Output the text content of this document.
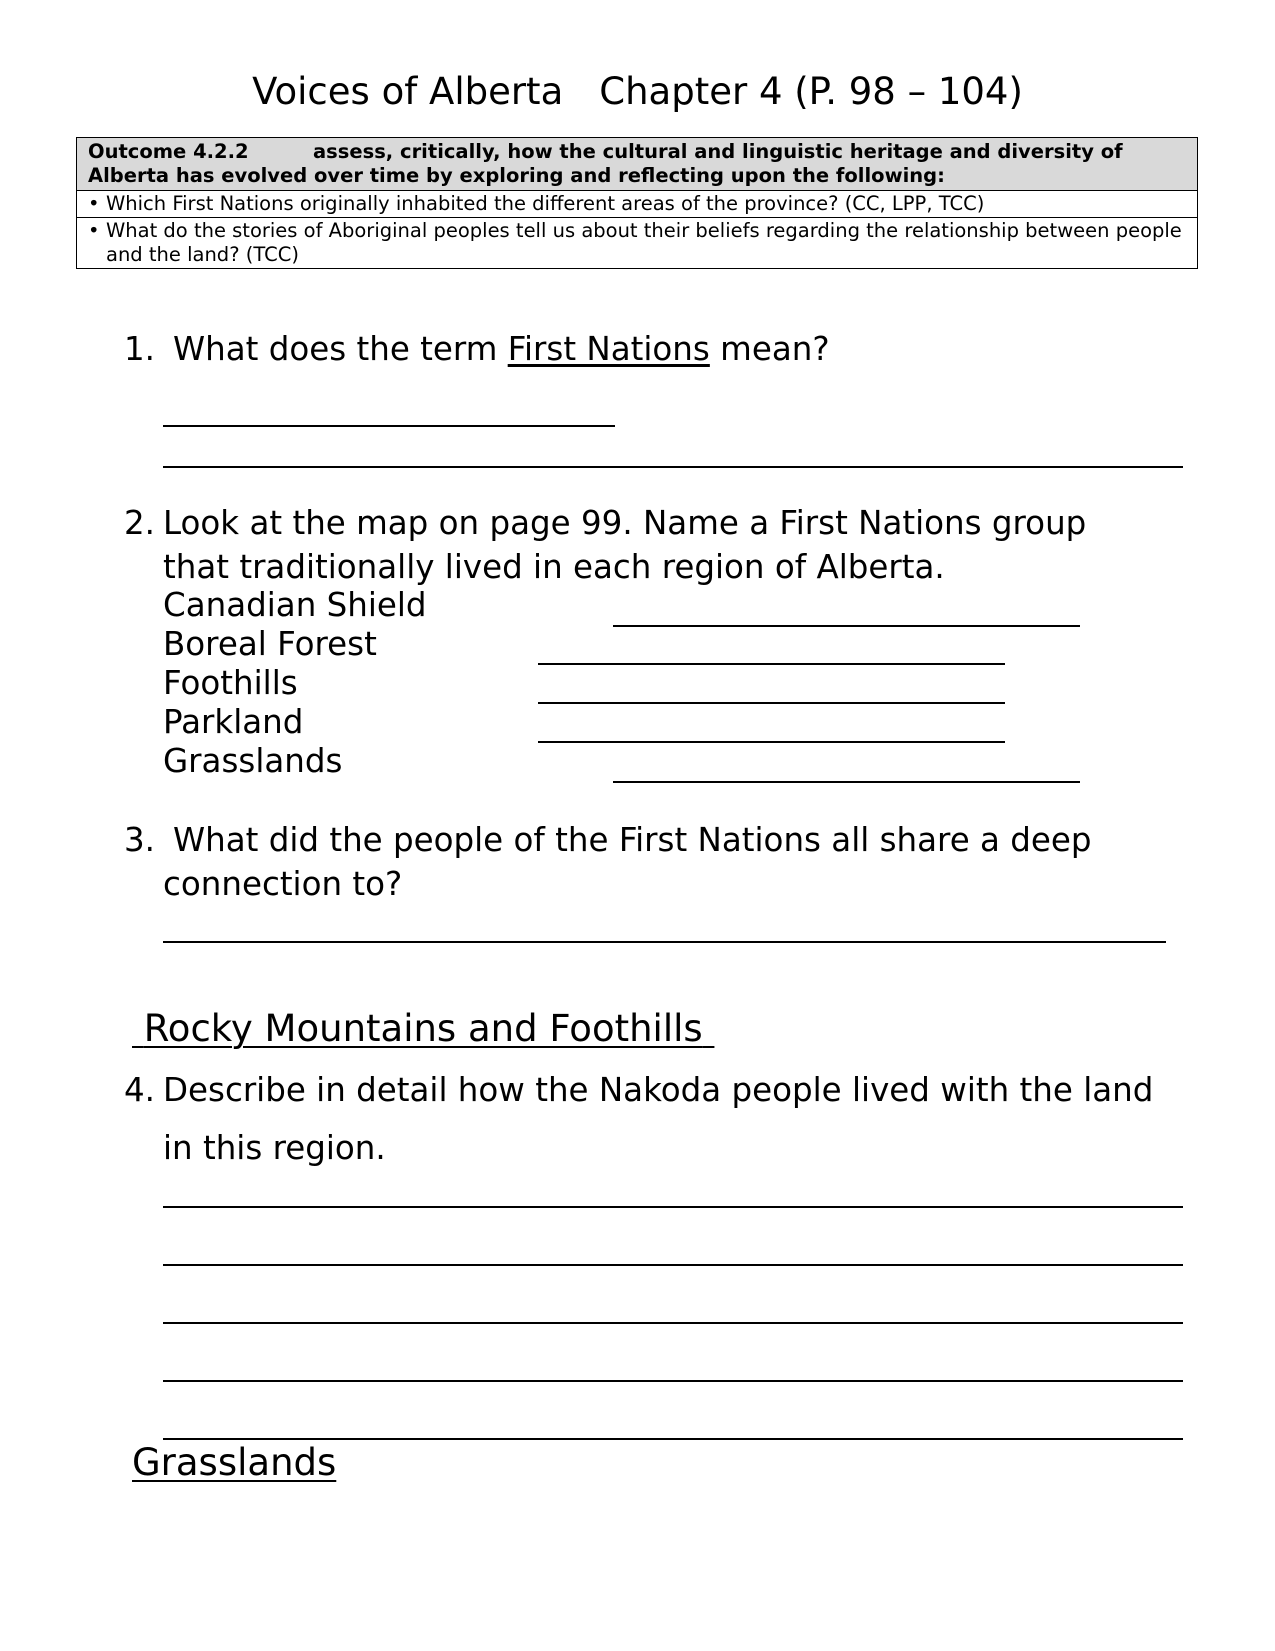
Voices of Alberta Chapter 4 (P. 98 – 104)
Outcome 4.2.2	assess, critically, how the cultural and linguistic heritage and diversity of Alberta has evolved over time by exploring and reflecting upon the following:
• Which First Nations originally inhabited the different areas of the province? (CC, LPP, TCC)
• What do the stories of Aboriginal peoples tell us about their beliefs regarding the relationship between people and the land? (TCC)
1. What does the term First Nations mean?
2. Look at the map on page 99. Name a First Nations group
that traditionally lived in each region of Alberta.
Canadian Shield
Boreal Forest
Foothills
Parkland
Grasslands
3. What did the people of the First Nations all share a deep
connection to?
Rocky Mountains and Foothills
4. Describe in detail how the Nakoda people lived with the land
in this region.
Grasslands
